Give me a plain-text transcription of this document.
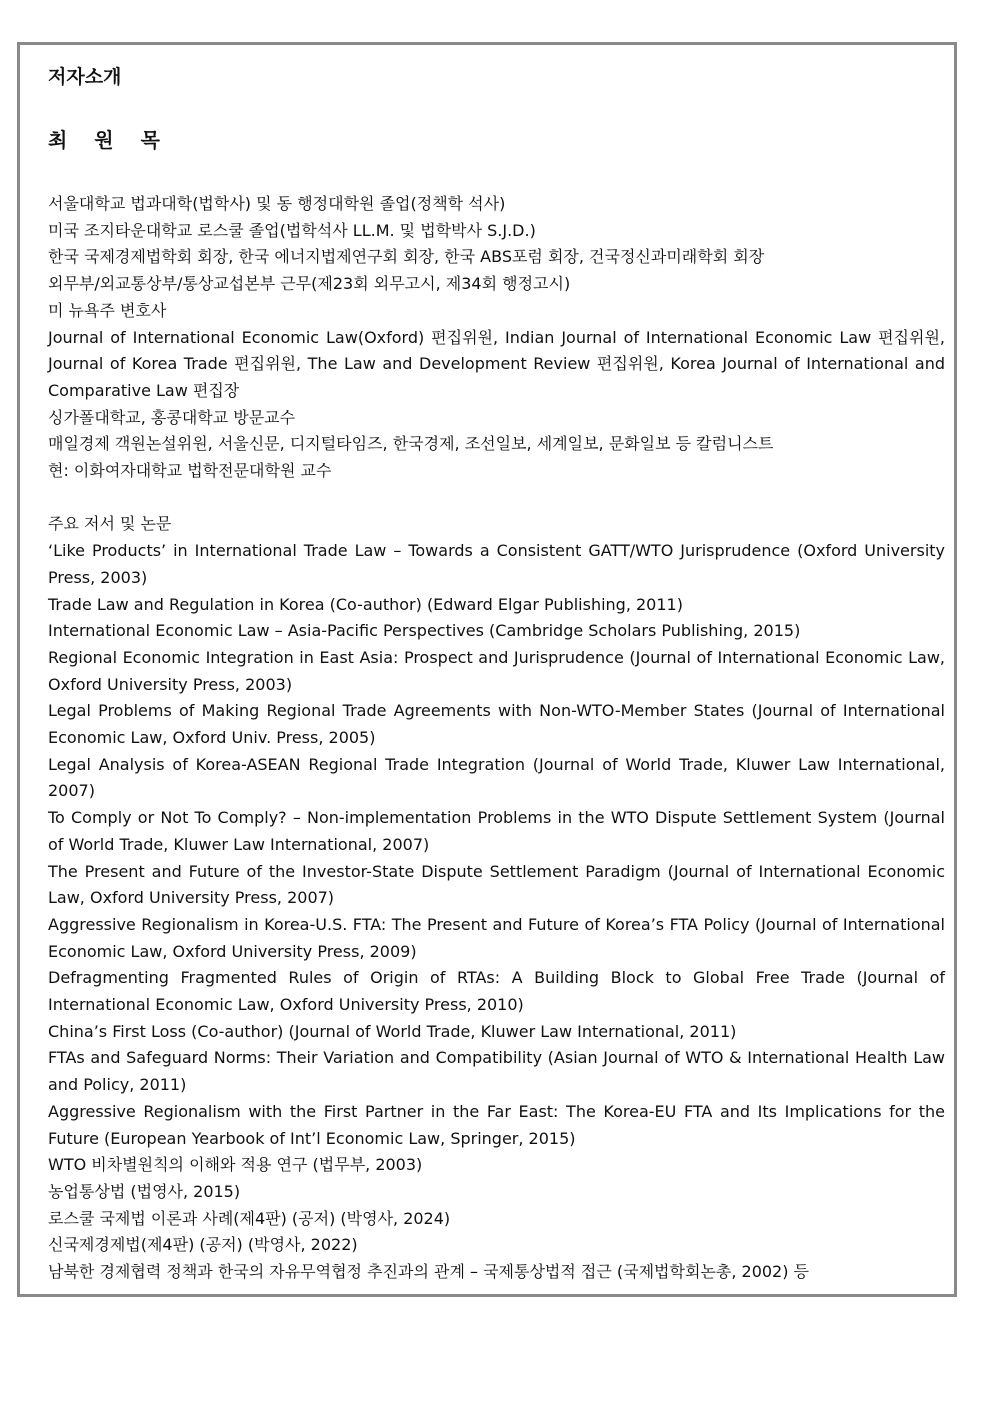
저자소개
최 원 목

서울대학교 법과대학(법학사) 및 동 행정대학원 졸업(정책학 석사)

미국 조지타운대학교 로스쿨 졸업(법학석사 LL.M. 및 법학박사 S.J.D.)

한국 국제경제법학회 회장, 한국 에너지법제연구회 회장, 한국 ABS포럼 회장, 건국정신과미래학회 회장

외무부/외교통상부/통상교섭본부 근무(제23회 외무고시, 제34회 행정고시)

미 뉴욕주 변호사

Journal of International Economic Law(Oxford) 편집위원, Indian Journal of International Economic Law 편집위원, Journal of Korea Trade 편집위원, The Law and Development Review 편집위원, Korea Journal of International and Comparative Law 편집장

싱가폴대학교, 홍콩대학교 방문교수

매일경제 객원논설위원, 서울신문, 디지털타임즈, 한국경제, 조선일보, 세계일보, 문화일보 등 칼럼니스트

현: 이화여자대학교 법학전문대학원 교수

주요 저서 및 논문

‘Like Products’ in International Trade Law – Towards a Consistent GATT/WTO Jurisprudence (Oxford University Press, 2003)

Trade Law and Regulation in Korea (Co-author) (Edward Elgar Publishing, 2011)

International Economic Law – Asia-Pacific Perspectives (Cambridge Scholars Publishing, 2015)

Regional Economic Integration in East Asia: Prospect and Jurisprudence (Journal of International Economic Law, Oxford University Press, 2003)

Legal Problems of Making Regional Trade Agreements with Non-WTO-Member States (Journal of International Economic Law, Oxford Univ. Press, 2005)

Legal Analysis of Korea-ASEAN Regional Trade Integration (Journal of World Trade, Kluwer Law International, 2007)

To Comply or Not To Comply? – Non-implementation Problems in the WTO Dispute Settlement System (Journal of World Trade, Kluwer Law International, 2007)

The Present and Future of the Investor-State Dispute Settlement Paradigm (Journal of International Economic Law, Oxford University Press, 2007)

Aggressive Regionalism in Korea-U.S. FTA: The Present and Future of Korea’s FTA Policy (Journal of International Economic Law, Oxford University Press, 2009)

Defragmenting Fragmented Rules of Origin of RTAs: A Building Block to Global Free Trade (Journal of International Economic Law, Oxford University Press, 2010)

China’s First Loss (Co-author) (Journal of World Trade, Kluwer Law International, 2011)

FTAs and Safeguard Norms: Their Variation and Compatibility (Asian Journal of WTO & International Health Law and Policy, 2011)

Aggressive Regionalism with the First Partner in the Far East: The Korea-EU FTA and Its Implications for the Future (European Yearbook of Int’l Economic Law, Springer, 2015)

WTO 비차별원칙의 이해와 적용 연구 (법무부, 2003)

농업통상법 (법영사, 2015)

로스쿨 국제법 이론과 사례(제4판) (공저) (박영사, 2024)

신국제경제법(제4판) (공저) (박영사, 2022)

남북한 경제협력 정책과 한국의 자유무역협정 추진과의 관계 – 국제통상법적 접근 (국제법학회논총, 2002) 등
